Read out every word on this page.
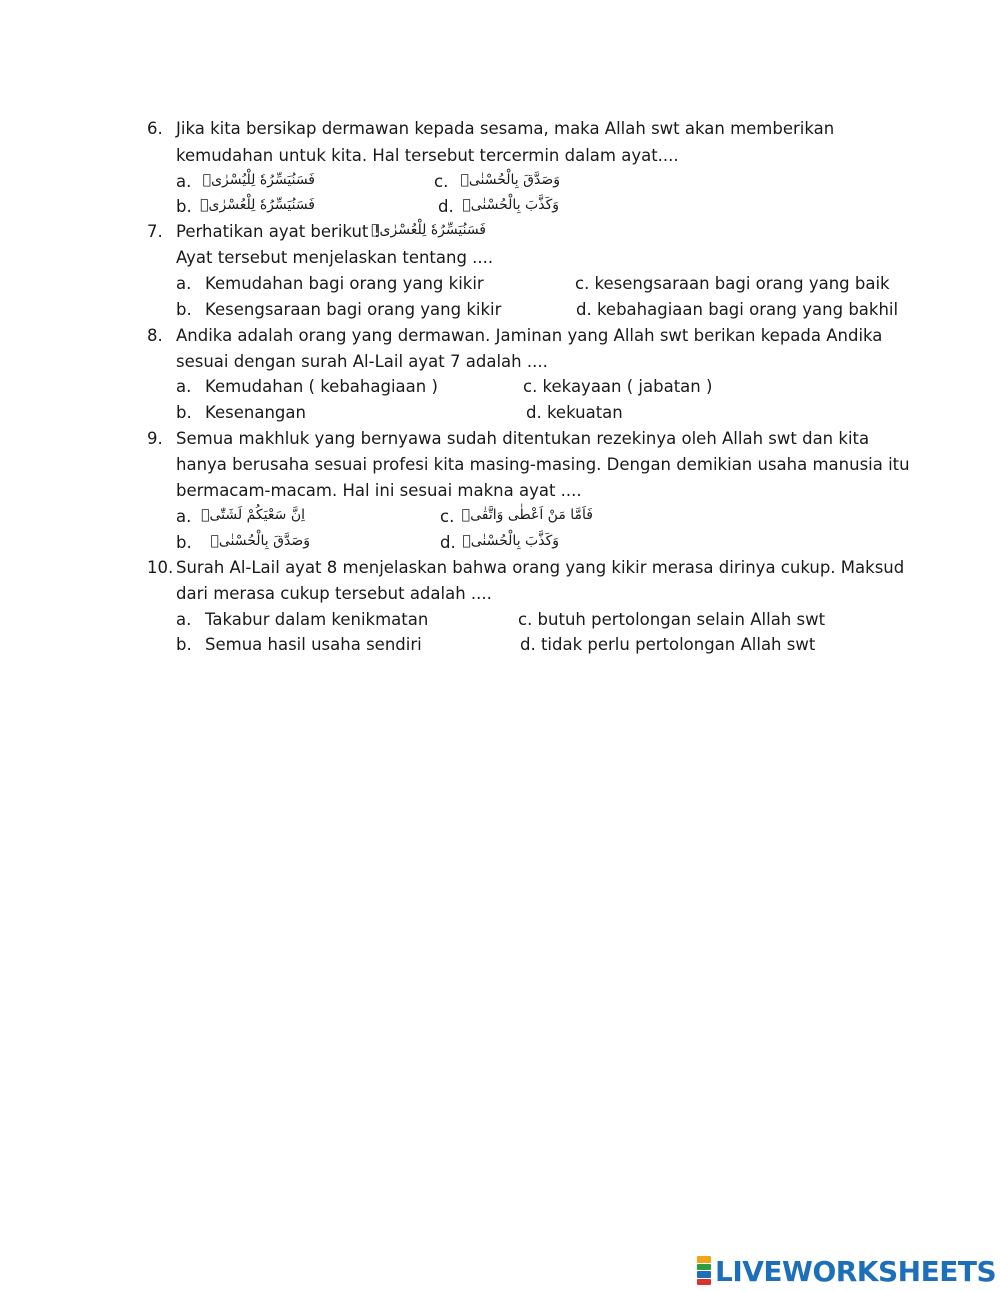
6. Jika kita bersikap dermawan kepada sesama, maka Allah swt akan memberikan
kemudahan untuk kita. Hal tersebut tercermin dalam ayat....
a. فَسَنُيَسِّرُهٗ لِلْيُسْرٰىۗ	c. وَصَدَّقَ بِالْحُسْنٰىۙ
b. فَسَنُيَسِّرُهٗ لِلْعُسْرٰىۗ	d. وَكَذَّبَ بِالْحُسْنٰىۙ
7. Perhatikan ayat berikut !
فَسَنُيَسِّرُهٗ لِلْعُسْرٰىۗ
Ayat tersebut menjelaskan tentang ....
a. Kemudahan bagi orang yang kikir	c. kesengsaraan bagi orang yang baik
b. Kesengsaraan bagi orang yang kikir	d. kebahagiaan bagi orang yang bakhil
8. Andika adalah orang yang dermawan. Jaminan yang Allah swt berikan kepada Andika
sesuai dengan surah Al-Lail ayat 7 adalah ....
a. Kemudahan ( kebahagiaan )	c. kekayaan ( jabatan )
b. Kesenangan	d. kekuatan
9. Semua makhluk yang bernyawa sudah ditentukan rezekinya oleh Allah swt dan kita
hanya berusaha sesuai profesi kita masing-masing. Dengan demikian usaha manusia itu
bermacam-macam. Hal ini sesuai makna ayat ....
a. اِنَّ سَعْيَكُمْ لَشَتّٰىۗ	c. فَاَمَّا مَنْ اَعْطٰى وَاتَّقٰىۙ
b.	وَصَدَّقَ بِالْحُسْنٰىۙ	d. وَكَذَّبَ بِالْحُسْنٰىۙ
10. Surah Al-Lail ayat 8 menjelaskan bahwa orang yang kikir merasa dirinya cukup. Maksud
dari merasa cukup tersebut adalah ....
a. Takabur dalam kenikmatan	c. butuh pertolongan selain Allah swt
b. Semua hasil usaha sendiri	d. tidak perlu pertolongan Allah swt
LIVEWORKSHEETS
